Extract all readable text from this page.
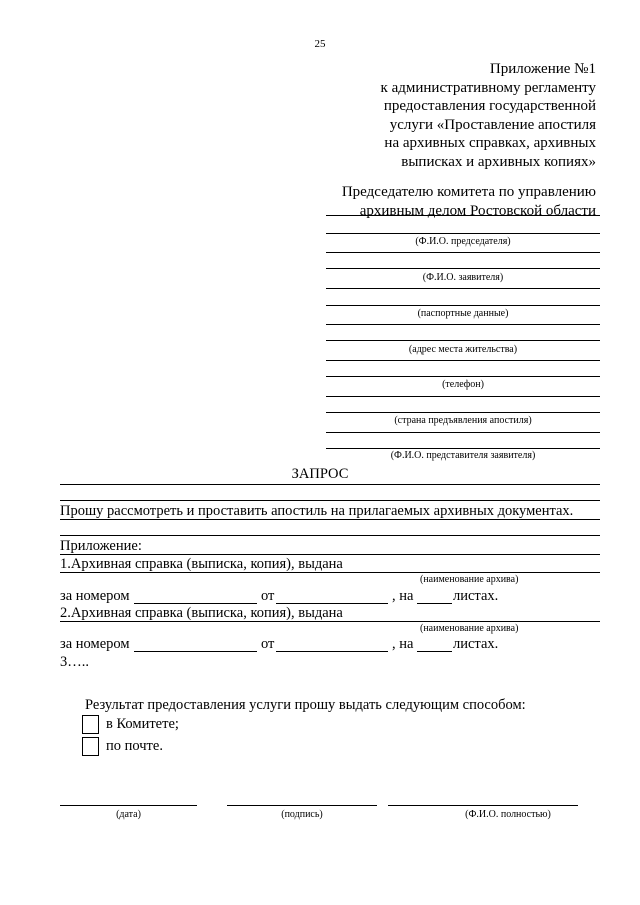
25
Приложение №1
к административному регламенту
предоставления государственной
услуги «Проставление апостиля
на архивных справках, архивных
выписках и архивных копиях»
Председателю комитета по управлению
архивным делом Ростовской области
(Ф.И.О. председателя)
(Ф.И.О. заявителя)
(паспортные данные)
(адрес места жительства)
(телефон)
(страна предъявления апостиля)
(Ф.И.О. представителя заявителя)
ЗАПРОС
Прошу рассмотреть и проставить апостиль на прилагаемых архивных документах.
Приложение:
1.Архивная справка (выписка, копия), выдана
(наименование архива)
за номером	от	, на	листах.
2.Архивная справка (выписка, копия), выдана
(наименование архива)
за номером	от	, на	листах.
3…..
Результат предоставления услуги прошу выдать следующим способом:
в Комитете;
по почте.
(дата)	(подпись)	(Ф.И.О. полностью)
